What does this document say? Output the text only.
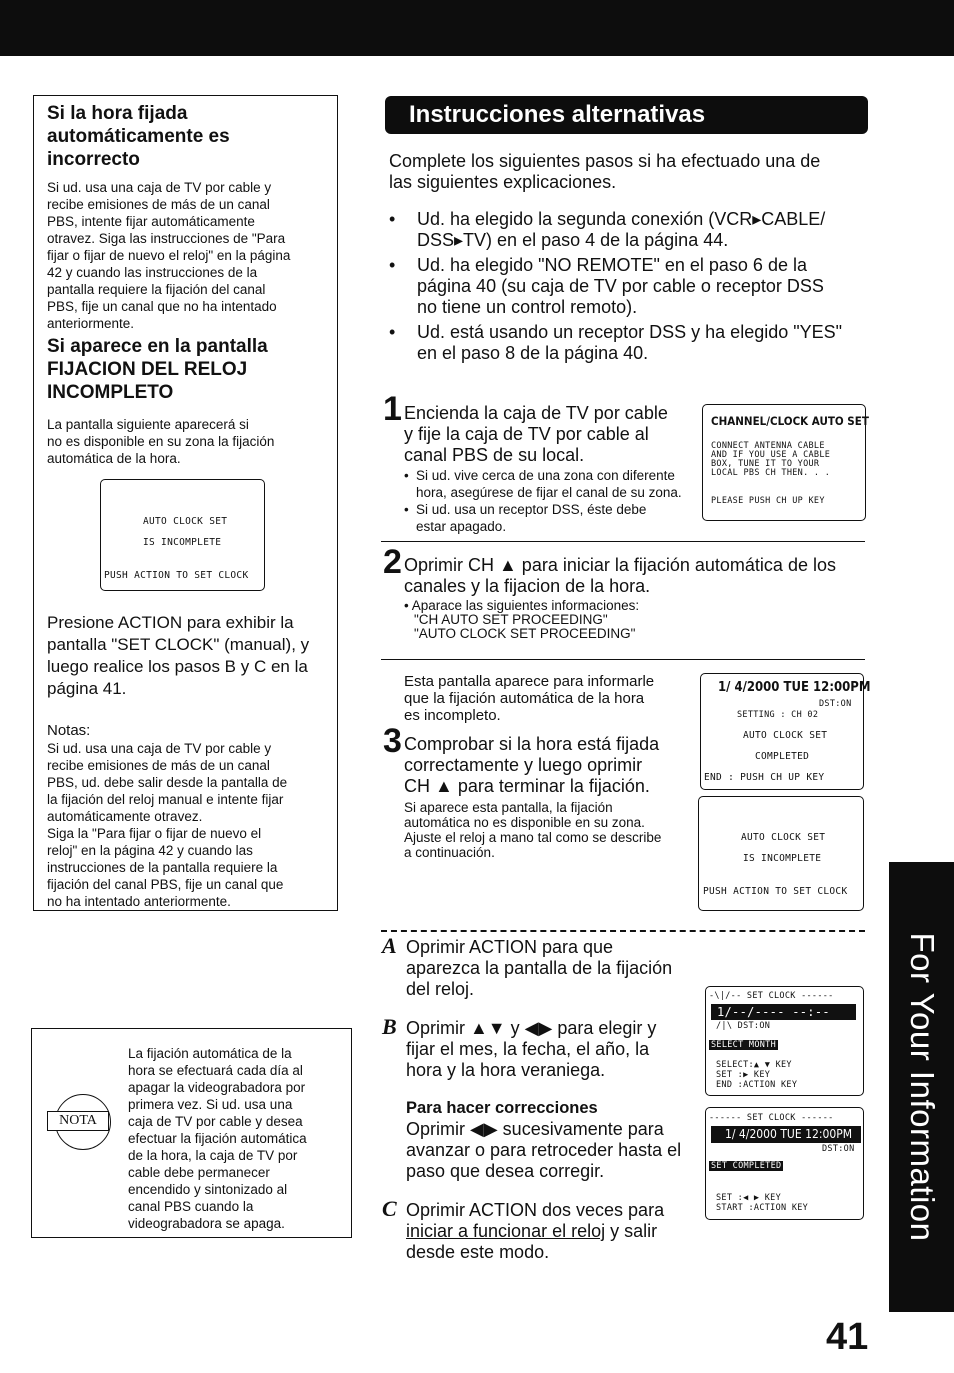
For Your Information
41
Si la hora fijada
automáticamente es
incorrecto
Si ud. usa una caja de TV por cable y
recibe emisiones de más de un canal
PBS, intente fijar automáticamente
otravez. Siga las instrucciones de "Para
fijar o fijar de nuevo el reloj" en la página
42 y cuando las instrucciones de la
pantalla requiere la fijación del canal
PBS, fije un canal que no ha intentado
anteriormente.
Si aparece en la pantalla
FIJACION DEL RELOJ
INCOMPLETO
La pantalla siguiente aparecerá si
no es disponible en su zona la fijación
automática de la hora.
AUTO CLOCK SET
IS INCOMPLETE
PUSH ACTION TO SET CLOCK
Presione ACTION para exhibir la
pantalla "SET CLOCK" (manual), y
luego realice los pasos B y C en la
página 41.
Notas:
Si ud. usa una caja de TV por cable y
recibe emisiones de más de un canal
PBS, ud. debe salir desde la pantalla de
la fijación del reloj manual e intente fijar
automáticamente otravez.
Siga la "Para fijar o fijar de nuevo el
reloj" en la página 42 y cuando las
instrucciones de la pantalla requiere la
fijación del canal PBS, fije un canal que
no ha intentado anteriormente.
NOTA
La fijación automática de la
hora se efectuará cada día al
apagar la videograbadora por
primera vez. Si ud. usa una
caja de TV por cable y desea
efectuar la fijación automática
de la hora, la caja de TV por
cable debe permanecer
encendido y sintonizado al
canal PBS cuando la
videograbadora se apaga.
Instrucciones alternativas
Complete los siguientes pasos si ha efectuado una de
las siguientes explicaciones.
• Ud. ha elegido la segunda conexión (VCR▸CABLE/
DSS▸TV) en el paso 4 de la página 44.
• Ud. ha elegido "NO REMOTE" en el paso 6 de la
página 40 (su caja de TV por cable o receptor DSS
no tiene un control remoto).
• Ud. está usando un receptor DSS y ha elegido "YES"
en el paso 8 de la página 40.
1 Encienda la caja de TV por cable
y fije la caja de TV por cable al
canal PBS de su local.
• Si ud. vive cerca de una zona con diferente
hora, asegúrese de fijar el canal de su zona.
• Si ud. usa un receptor DSS, éste debe
estar apagado.
CHANNEL/CLOCK AUTO SET
CONNECT ANTENNA CABLE
AND IF YOU USE A CABLE
BOX, TUNE IT TO YOUR
LOCAL PBS CH THEN. . .
PLEASE PUSH CH UP KEY
2 Oprimir CH ▲ para iniciar la fijación automática de los
canales y la fijacion de la hora.
• Aparace las siguientes informaciones:
"CH AUTO SET PROCEEDING"
"AUTO CLOCK SET PROCEEDING"
Esta pantalla aparece para informarle
que la fijación automática de la hora
es incompleto.
3 Comprobar si la hora está fijada
correctamente y luego oprimir
CH ▲ para terminar la fijación.
Si aparece esta pantalla, la fijación
automática no es disponible en su zona.
Ajuste el reloj a mano tal como se describe
a continuación.
1/ 4/2000 TUE 12:00PM
DST:ON
SETTING : CH 02
AUTO CLOCK SET
COMPLETED
END : PUSH CH UP KEY
AUTO CLOCK SET
IS INCOMPLETE
PUSH ACTION TO SET CLOCK
A Oprimir ACTION para que
aparezca la pantalla de la fijación
del reloj.
B Oprimir ▲▼ y ◀▶ para elegir y
fijar el mes, la fecha, el año, la
hora y la hora veraniega.
Para hacer correcciones
Oprimir ◀▶ sucesivamente para
avanzar o para retroceder hasta el
paso que desea corregir.
-\|/-- SET CLOCK ------
1/--/---- --:--
/|\ DST:ON
SELECT MONTH
SELECT:▲ ▼ KEY
SET :▶ KEY
END :ACTION KEY
------ SET CLOCK ------
1/ 4/2000 TUE 12:00PM
DST:ON
SET COMPLETED
SET :◀ ▶ KEY
START :ACTION KEY
C Oprimir ACTION dos veces para
iniciar a funcionar el reloj y salir
desde este modo.
